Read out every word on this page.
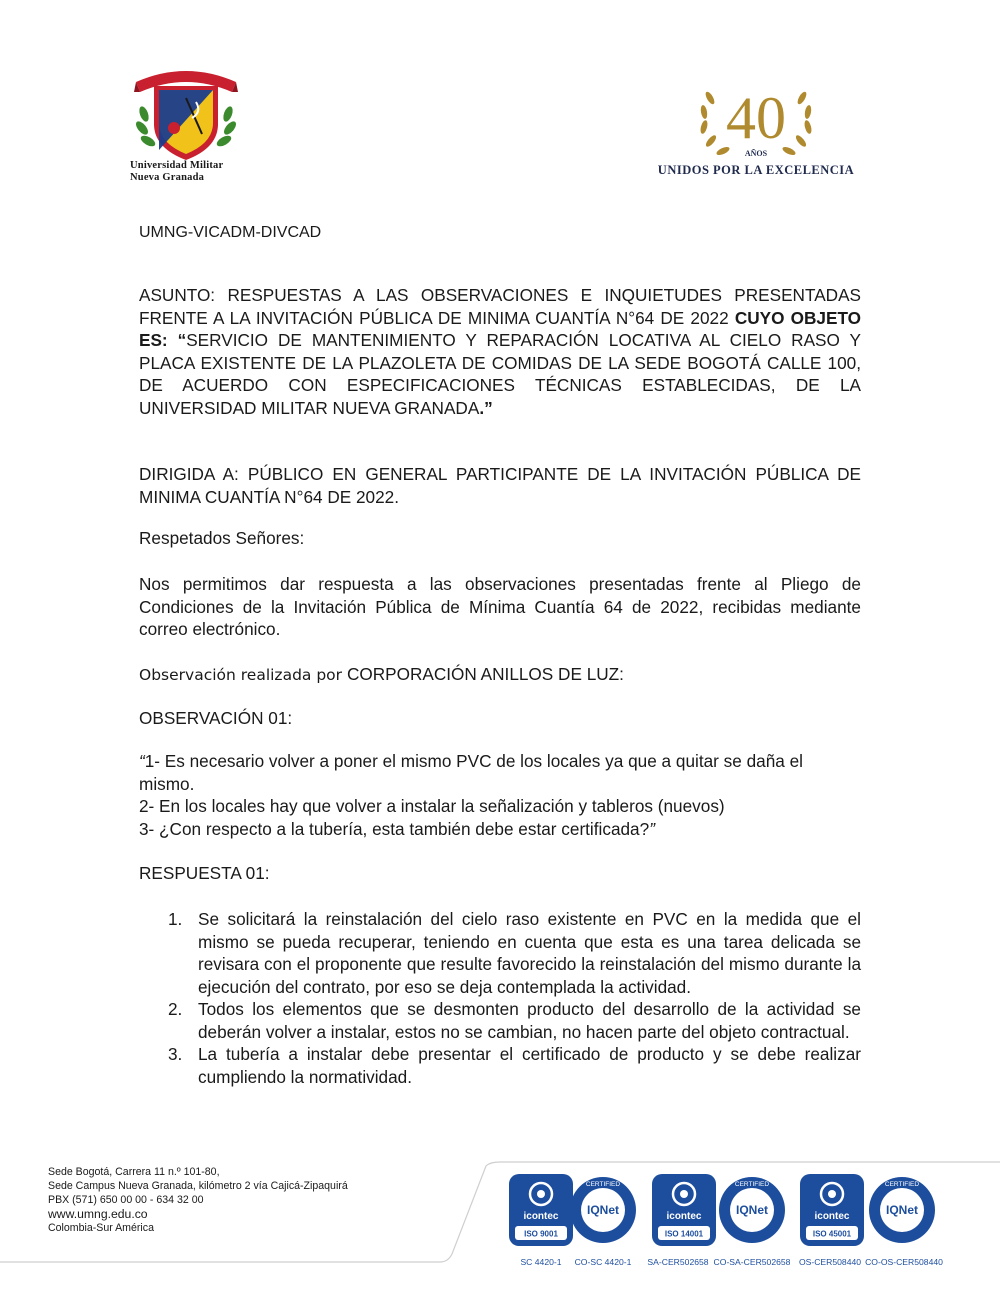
Universidad Militar
Nueva Granada
40
AÑOS
UNIDOS POR LA EXCELENCIA
UMNG-VICADM-DIVCAD
ASUNTO: RESPUESTAS A LAS OBSERVACIONES E INQUIETUDES PRESENTADAS FRENTE A LA INVITACIÓN PÚBLICA DE MINIMA CUANTÍA N°64 DE 2022 CUYO OBJETO ES: “SERVICIO DE MANTENIMIENTO Y REPARACIÓN LOCATIVA AL CIELO RASO Y PLACA EXISTENTE DE LA PLAZOLETA DE COMIDAS DE LA SEDE BOGOTÁ CALLE 100, DE ACUERDO CON ESPECIFICACIONES TÉCNICAS ESTABLECIDAS, DE LA UNIVERSIDAD MILITAR NUEVA GRANADA.”
DIRIGIDA A: PÚBLICO EN GENERAL PARTICIPANTE DE LA INVITACIÓN PÚBLICA DE MINIMA CUANTÍA N°64 DE 2022.
Respetados Señores:
Nos permitimos dar respuesta a las observaciones presentadas frente al Pliego de Condiciones de la Invitación Pública de Mínima Cuantía 64 de 2022, recibidas mediante correo electrónico.
Observación realizada por CORPORACIÓN ANILLOS DE LUZ:
OBSERVACIÓN 01:
“1- Es necesario volver a poner el mismo PVC de los locales ya que a quitar se daña el mismo.
2- En los locales hay que volver a instalar la señalización y tableros (nuevos)
3- ¿Con respecto a la tubería, esta también debe estar certificada?”
RESPUESTA 01:
1. Se solicitará la reinstalación del cielo raso existente en PVC en la medida que el mismo se pueda recuperar, teniendo en cuenta que esta es una tarea delicada se revisara con el proponente que resulte favorecido la reinstalación del mismo durante la ejecución del contrato, por eso se deja contemplada la actividad.
2. Todos los elementos que se desmonten producto del desarrollo de la actividad se deberán volver a instalar, estos no se cambian, no hacen parte del objeto contractual.
3. La tubería a instalar debe presentar el certificado de producto y se debe realizar cumpliendo la normatividad.
Sede Bogotá, Carrera 11 n.º 101-80,
Sede Campus Nueva Granada, kilómetro 2 vía Cajicá-Zipaquirá
PBX (571) 650 00 00 - 634 32 00
www.umng.edu.co
Colombia-Sur América
icontec
ISO 9001
CERTIFIED
IQNet	icontec
ISO 14001
CERTIFIED
IQNet	icontec
ISO 45001
CERTIFIED
IQNet
SC 4420-1	CO-SC 4420-1	SA-CER502658 CO-SA-CER502658 OS-CER508440 CO-OS-CER508440
